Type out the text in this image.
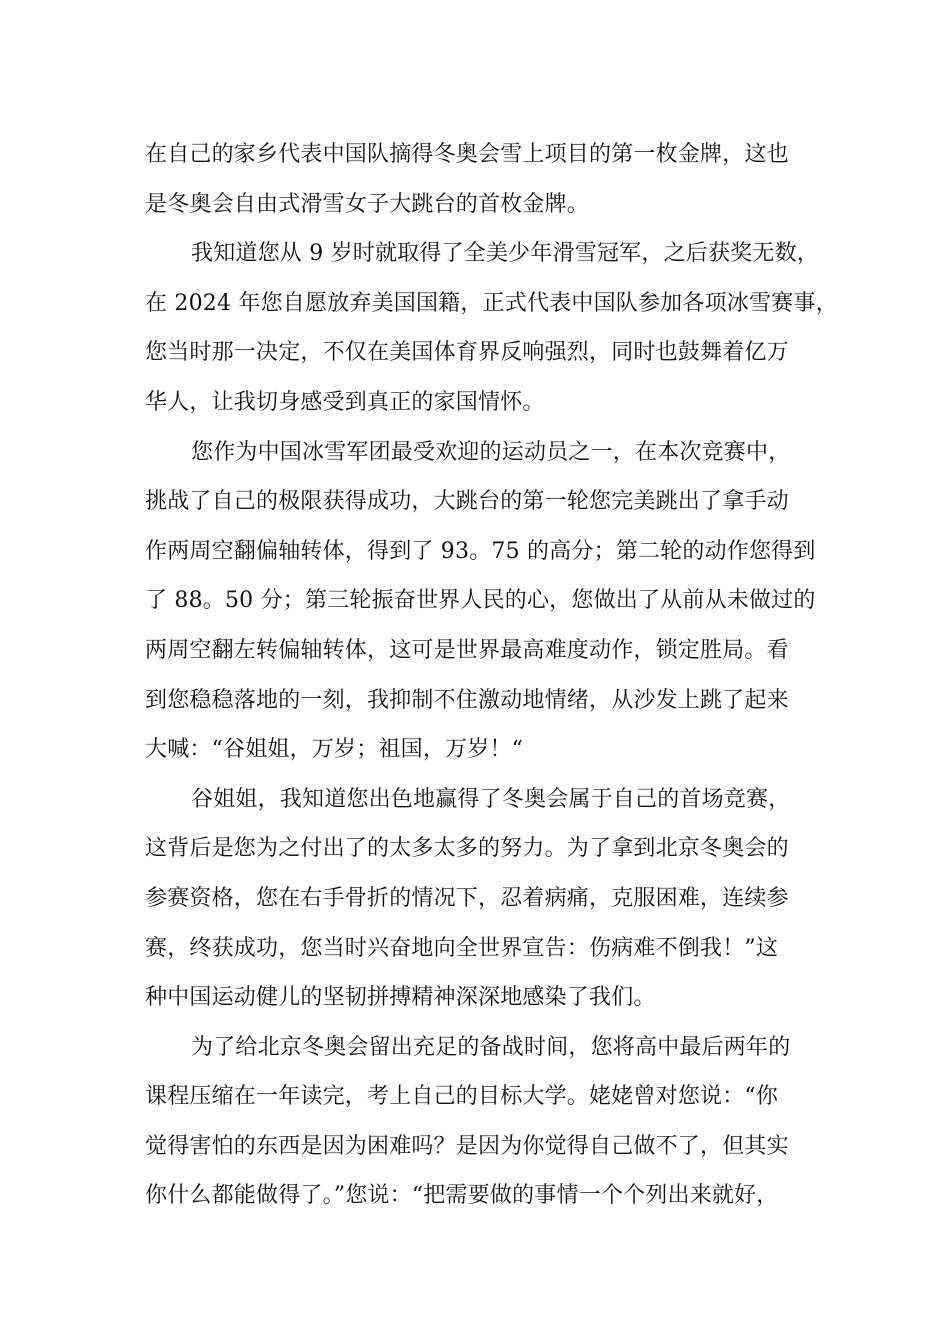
在自己的家乡代表中国队摘得冬奥会雪上项目的第一枚金牌，这也
是冬奥会自由式滑雪女子大跳台的首枚金牌。
我知道您从 9 岁时就取得了全美少年滑雪冠军，之后获奖无数，
在 2024 年您自愿放弃美国国籍，正式代表中国队参加各项冰雪赛事，
您当时那一决定，不仅在美国体育界反响强烈，同时也鼓舞着亿万
华人，让我切身感受到真正的家国情怀。
您作为中国冰雪军团最受欢迎的运动员之一，在本次竞赛中，
挑战了自己的极限获得成功，大跳台的第一轮您完美跳出了拿手动
作两周空翻偏轴转体，得到了 93。75 的高分；第二轮的动作您得到
了 88。50 分；第三轮振奋世界人民的心，您做出了从前从未做过的
两周空翻左转偏轴转体，这可是世界最高难度动作，锁定胜局。看
到您稳稳落地的一刻，我抑制不住激动地情绪，从沙发上跳了起来
大喊：“谷姐姐，万岁；祖国，万岁！“
谷姐姐，我知道您出色地赢得了冬奥会属于自己的首场竞赛，
这背后是您为之付出了的太多太多的努力。为了拿到北京冬奥会的
参赛资格，您在右手骨折的情况下，忍着病痛，克服困难，连续参
赛，终获成功，您当时兴奋地向全世界宣告：伤病难不倒我！”这
种中国运动健儿的坚韧拼搏精神深深地感染了我们。
为了给北京冬奥会留出充足的备战时间，您将高中最后两年的
课程压缩在一年读完，考上自己的目标大学。姥姥曾对您说：“你
觉得害怕的东西是因为困难吗？是因为你觉得自己做不了，但其实
你什么都能做得了。”您说：“把需要做的事情一个个列出来就好，
